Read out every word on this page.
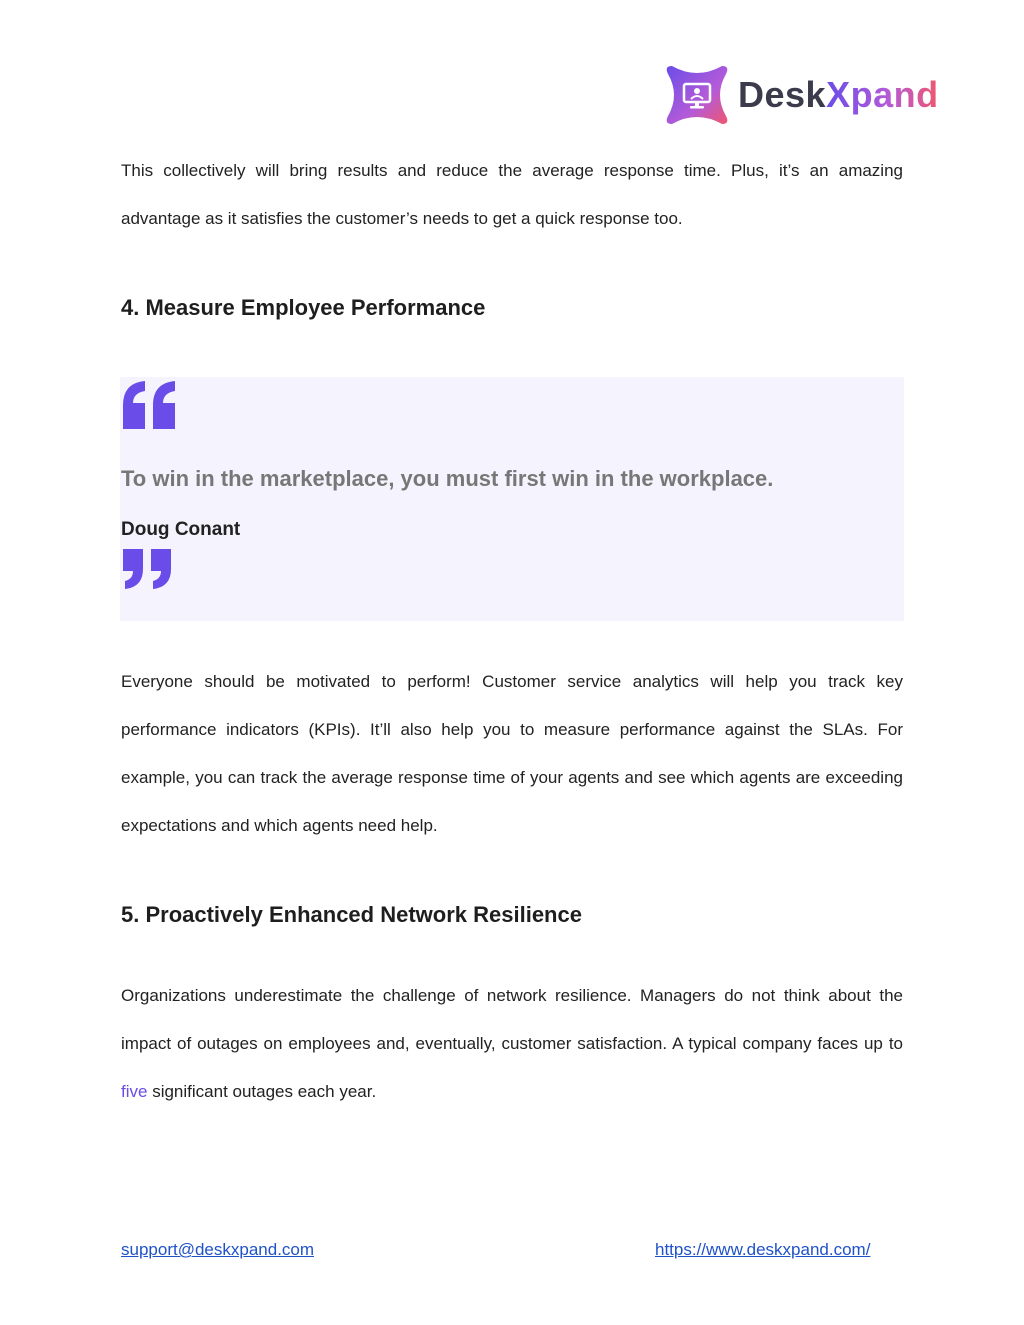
DeskXpand

This collectively will bring results and reduce the average response time. Plus, it’s an amazing advantage as it satisfies the customer’s needs to get a quick response too.

4. Measure Employee Performance

To win in the marketplace, you must first win in the workplace.

Doug Conant

Everyone should be motivated to perform! Customer service analytics will help you track key performance indicators (KPIs). It’ll also help you to measure performance against the SLAs. For example, you can track the average response time of your agents and see which agents are exceeding expectations and which agents need help.

5. Proactively Enhanced Network Resilience

Organizations underestimate the challenge of network resilience. Managers do not think about the impact of outages on employees and, eventually, customer satisfaction. A typical company faces up to five significant outages each year.

support@deskxpand.com	https://www.deskxpand.com/
